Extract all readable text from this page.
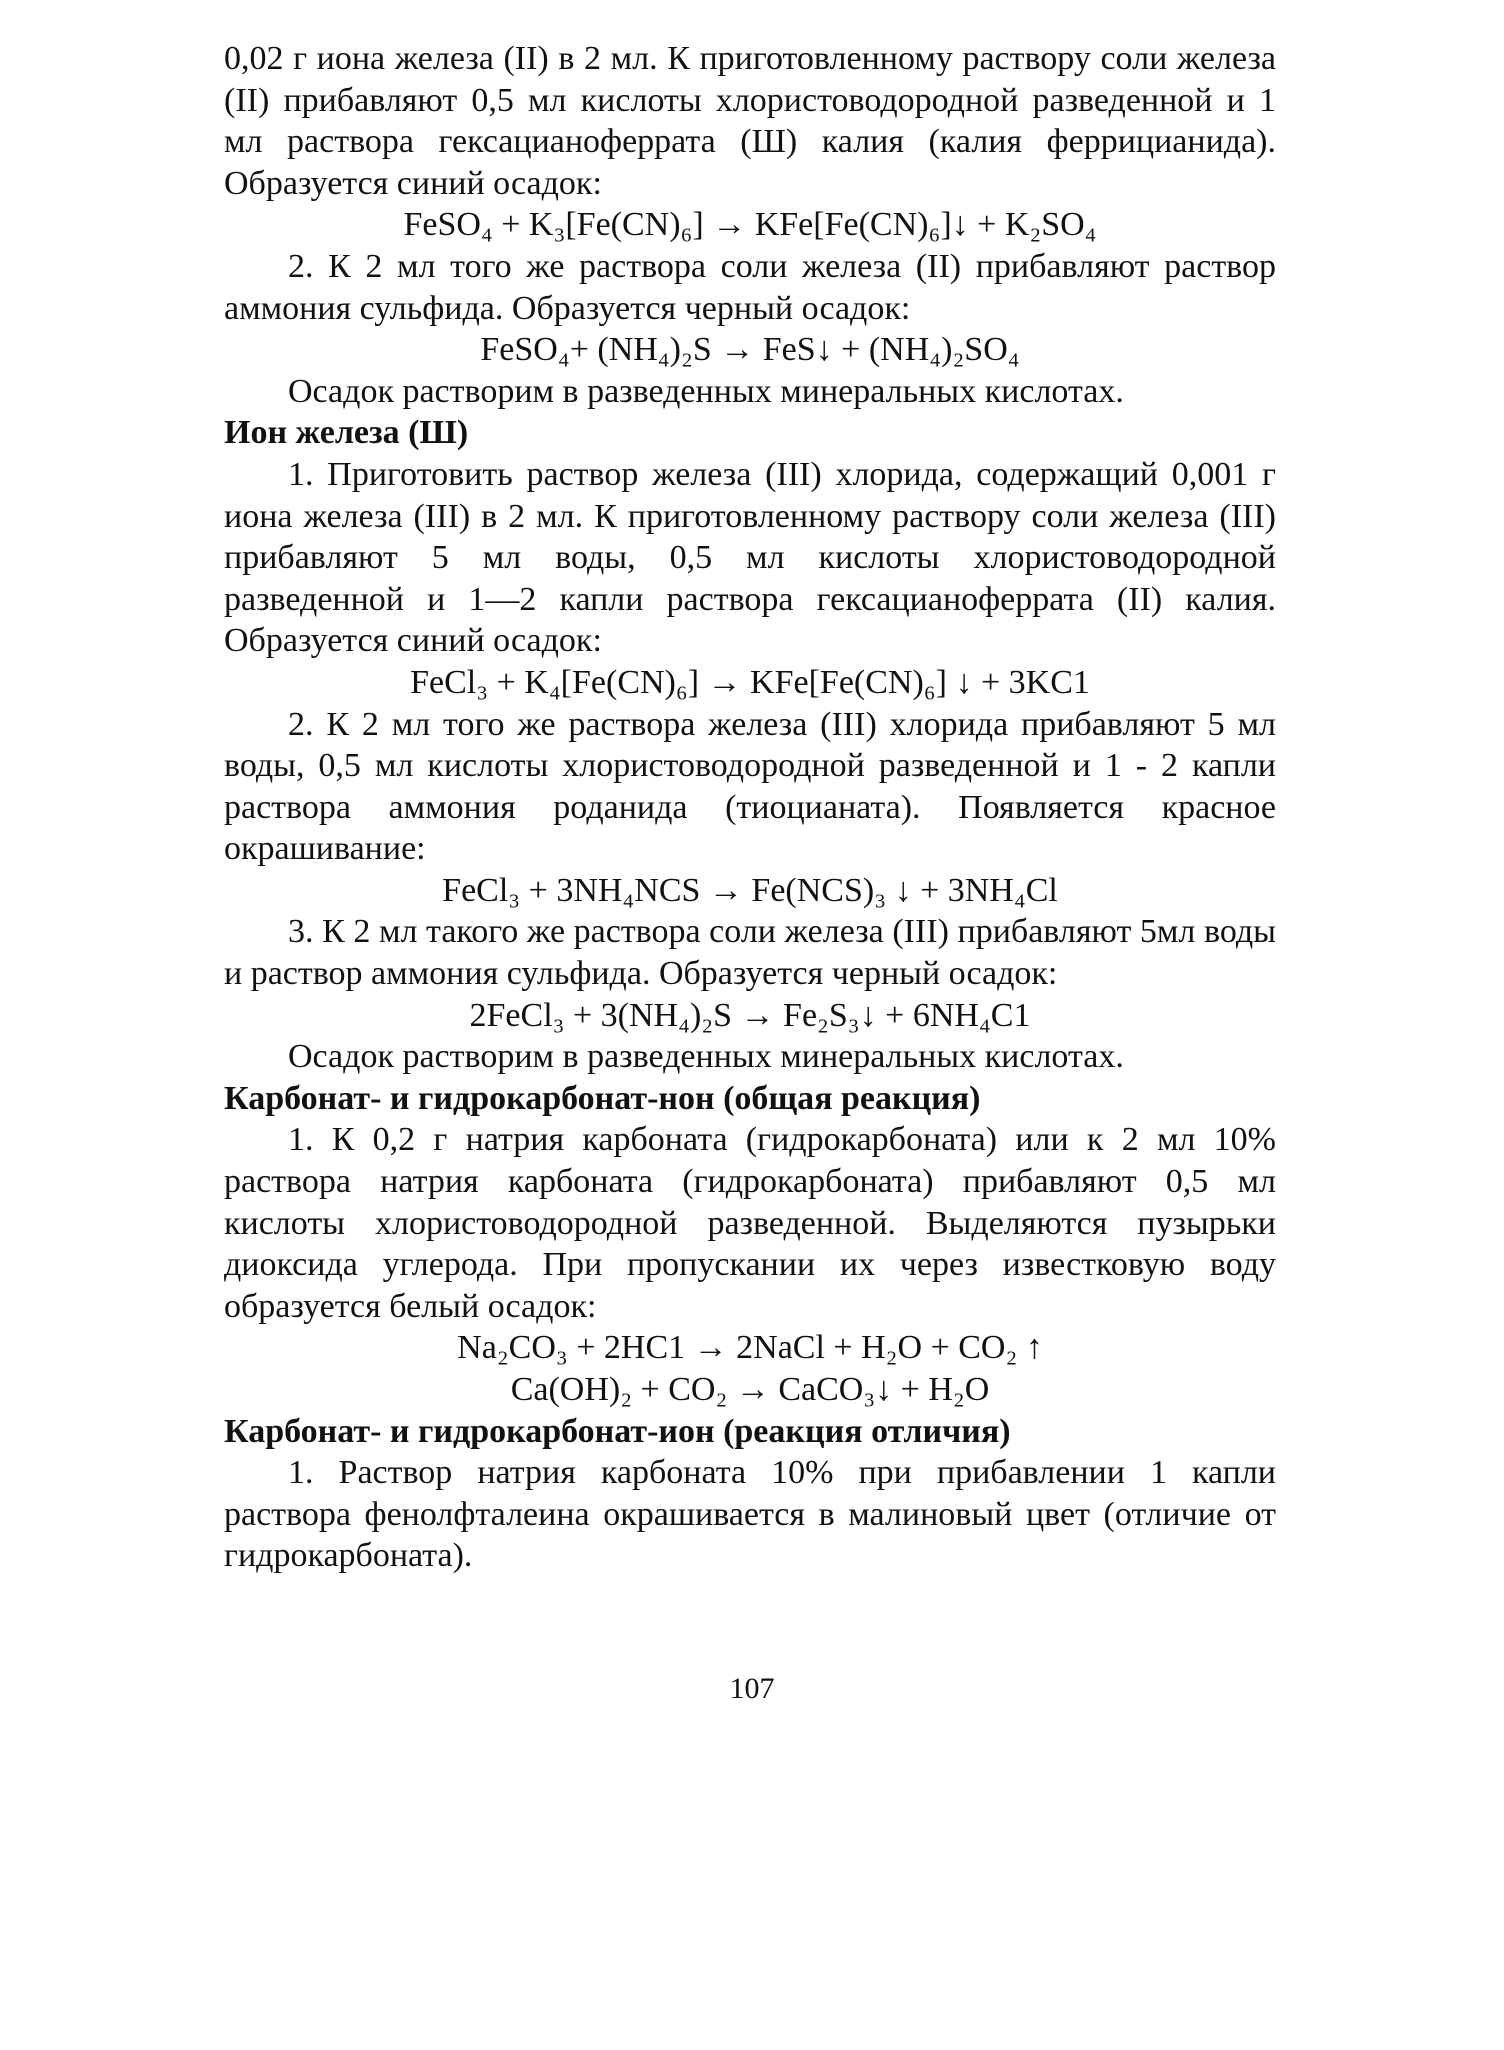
0,02 г иона железа (II) в 2 мл. К приготовленному раствору соли железа (II) прибавляют 0,5 мл кислоты хлористоводородной разведенной и 1 мл раствора гексацианоферрата (Ш) калия (калия феррицианида). Образуется синий осадок:

FeSO₄ + K₃[Fe(CN)₆] → KFe[Fe(CN)₆]↓ + K₂SO₄

2. К 2 мл того же раствора соли железа (II) прибавляют раствор аммония сульфида. Образуется черный осадок:

FeSO₄+ (NH₄)₂S → FeS↓ + (NH₄)₂SO₄

Осадок растворим в разведенных минеральных кислотах.

Ион железа (Ш)

1. Приготовить раствор железа (III) хлорида, содержащий 0,001 г иона железа (III) в 2 мл. К приготовленному раствору соли железа (III) прибавляют 5 мл воды, 0,5 мл кислоты хлористоводородной разведенной и 1—2 капли раствора гексацианоферрата (II) калия. Образуется синий осадок:

FeCl₃ + K₄[Fe(CN)₆] → KFe[Fe(CN)₆] ↓ + 3KC1

2. К 2 мл того же раствора железа (III) хлорида прибавляют 5 мл воды, 0,5 мл кислоты хлористоводородной разведенной и 1 - 2 капли раствора аммония роданида (тиоцианата). Появляется красное окрашивание:

FeCl₃ + 3NH₄NCS → Fe(NCS)₃ ↓ + 3NH₄Cl

3. К 2 мл такого же раствора соли железа (III) прибавляют 5мл воды и раствор аммония сульфида. Образуется черный осадок:

2FeCl₃ + 3(NH₄)₂S → Fe₂S₃↓ + 6NH₄C1

Осадок растворим в разведенных минеральных кислотах.

Карбонат- и гидрокарбонат-нон (общая реакция)

1. К 0,2 г натрия карбоната (гидрокарбоната) или к 2 мл 10% раствора натрия карбоната (гидрокарбоната) прибавляют 0,5 мл кислоты хлористоводородной разведенной. Выделяются пузырьки диоксида углерода. При пропускании их через известковую воду образуется белый осадок:

Na₂CO₃ + 2HC1 → 2NaCl + H₂O + CO₂ ↑

Ca(OH)₂ + CO₂ → CaCO₃↓ + H₂O

Карбонат- и гидрокарбонат-ион (реакция отличия)

1. Раствор натрия карбоната 10% при прибавлении 1 капли раствора фенолфталеина окрашивается в малиновый цвет (отличие от гидрокарбоната).

107
